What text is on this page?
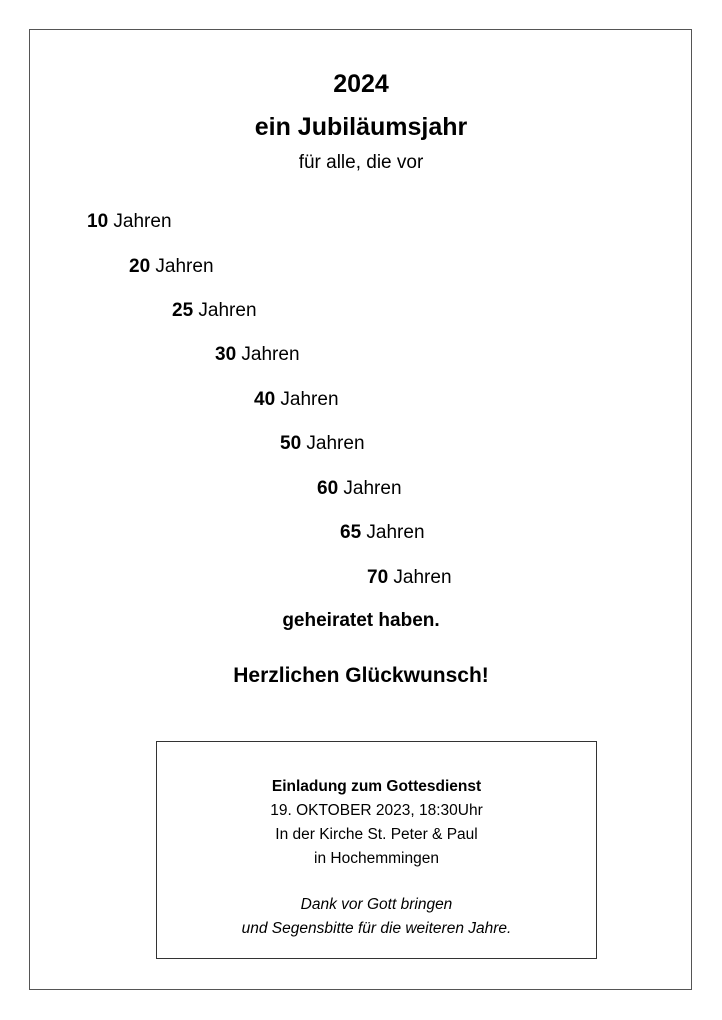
2024
ein Jubiläumsjahr
für alle, die vor
10 Jahren
20 Jahren
25 Jahren
30 Jahren
40 Jahren
50 Jahren
60 Jahren
65 Jahren
70 Jahren
geheiratet haben.
Herzlichen Glückwunsch!
Einladung zum Gottesdienst
19. OKTOBER 2023, 18:30Uhr
In der Kirche St. Peter & Paul
in Hochemmingen
Dank vor Gott bringen
und Segensbitte für die weiteren Jahre.
